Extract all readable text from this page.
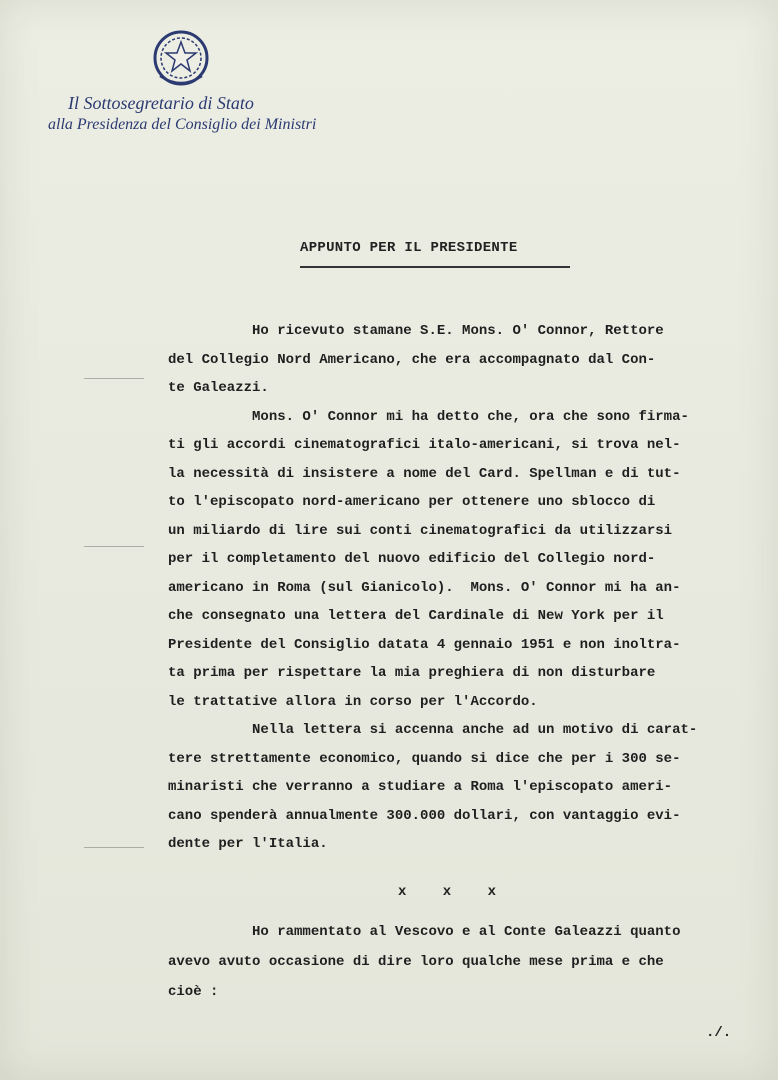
Il Sottosegretario di Stato
alla Presidenza del Consiglio dei Ministri
APPUNTO PER IL PRESIDENTE

Ho ricevuto stamane S.E. Mons. O' Connor, Rettore

del Collegio Nord Americano, che era accompagnato dal Con-

te Galeazzi.

Mons. O' Connor mi ha detto che, ora che sono firma-

ti gli accordi cinematografici italo-americani, si trova nel-

la necessità di insistere a nome del Card. Spellman e di tut-

to l'episcopato nord-americano per ottenere uno sblocco di

un miliardo di lire sui conti cinematografici da utilizzarsi

per il completamento del nuovo edificio del Collegio nord-

americano in Roma (sul Gianicolo).  Mons. O' Connor mi ha an-

che consegnato una lettera del Cardinale di New York per il

Presidente del Consiglio datata 4 gennaio 1951 e non inoltra-

ta prima per rispettare la mia preghiera di non disturbare

le trattative allora in corso per l'Accordo.

Nella lettera si accenna anche ad un motivo di carat-

tere strettamente economico, quando si dice che per i 300 se-

minaristi che verranno a studiare a Roma l'episcopato ameri-

cano spenderà annualmente 300.000 dollari, con vantaggio evi-

dente per l'Italia.

x x x

Ho rammentato al Vescovo e al Conte Galeazzi quanto

avevo avuto occasione di dire loro qualche mese prima e che

cioè :

./.
